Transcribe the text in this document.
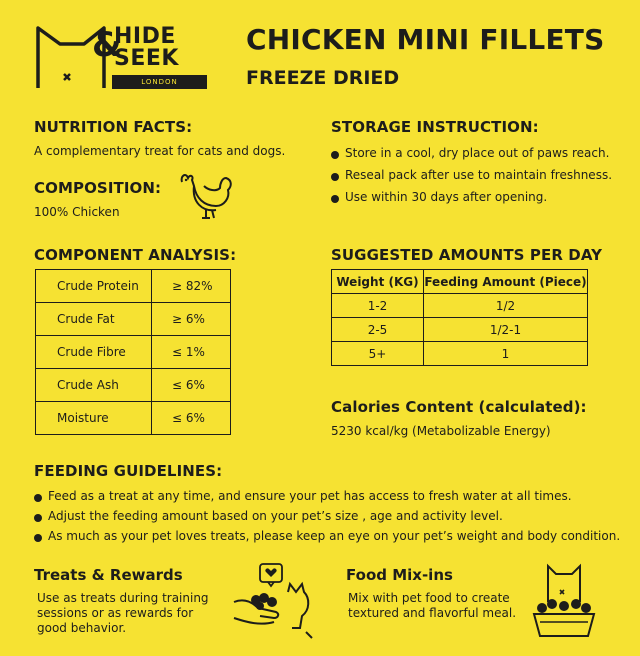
HIDE
&
SEEK
LONDON
CHICKEN MINI FILLETS
FREEZE DRIED
NUTRITION FACTS:
A complementary treat for cats and dogs.
COMPOSITION:
100% Chicken
STORAGE INSTRUCTION:
Store in a cool, dry place out of paws reach.
Reseal pack after use to maintain freshness.
Use within 30 days after opening.
COMPONENT ANALYSIS:
Crude Protein	≥ 82%
Crude Fat	≥ 6%
Crude Fibre	≤ 1%
Crude Ash	≤ 6%
Moisture	≤ 6%
SUGGESTED AMOUNTS PER DAY
Weight (KG)	Feeding Amount (Piece)
1-2	1/2
2-5	1/2-1
5+	1
Calories Content (calculated):
5230 kcal/kg (Metabolizable Energy)
FEEDING GUIDELINES:
Feed as a treat at any time, and ensure your pet has access to fresh water at all times.
Adjust the feeding amount based on your pet’s size , age and activity level.
As much as your pet loves treats, please keep an eye on your pet’s weight and body condition.
Treats & Rewards
Use as treats during training
sessions or as rewards for
good behavior.
Food Mix-ins
Mix with pet food to create
textured and flavorful meal.
